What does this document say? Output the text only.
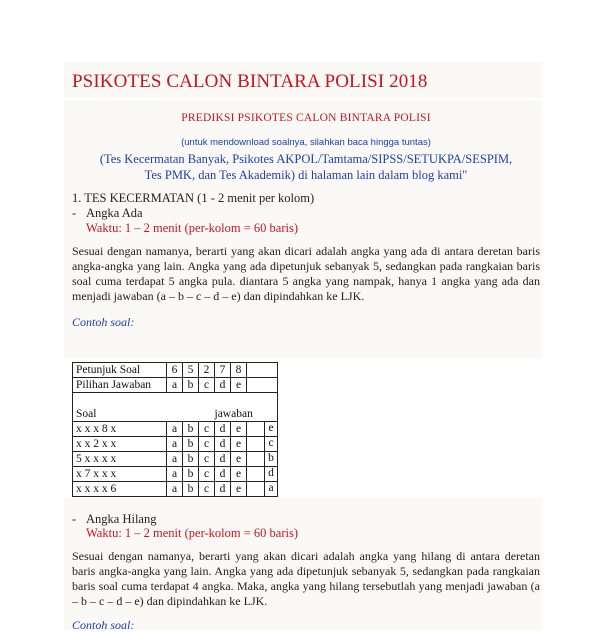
PSIKOTES CALON BINTARA POLISI 2018
PREDIKSI PSIKOTES CALON BINTARA POLISI
(untuk mendownload soalnya, silahkan baca hingga tuntas)
(Tes Kecermatan Banyak, Psikotes AKPOL/Tamtama/SIPSS/SETUKPA/SESPIM,
Tes PMK, dan Tes Akademik) di halaman lain dalam blog kami"
1. TES KECERMATAN (1 - 2 menit per kolom)
- Angka Ada
Waktu: 1 – 2 menit (per-kolom = 60 baris)
Sesuai dengan namanya, berarti yang akan dicari adalah angka yang ada di antara deretan baris angka-angka yang lain. Angka yang ada dipetunjuk sebanyak 5, sedangkan pada rangkaian baris soal cuma terdapat 5 angka pula. diantara 5 angka yang nampak, hanya 1 angka yang ada dan menjadi jawaban (a – b – c – d – e) dan dipindahkan ke LJK.
Contoh soal:
Petunjuk Soal	6	5	2	7	8	
Pilihan Jawaban	a	b	c	d	e	
Soal						jawaban
x x x 8 x	a	b	c	d	e	e

x x 2 x x	a	b	c	d	e	c

5 x x x x	a	b	c	d	e	b

x 7 x x x	a	b	c	d	e	d

x x x x 6	a	b	c	d	e	a
- Angka Hilang
Waktu: 1 – 2 menit (per-kolom = 60 baris)
Sesuai dengan namanya, berarti yang akan dicari adalah angka yang hilang di antara deretan baris angka-angka yang lain. Angka yang ada dipetunjuk sebanyak 5, sedangkan pada rangkaian baris soal cuma terdapat 4 angka. Maka, angka yang hilang tersebutlah yang menjadi jawaban (a – b – c – d – e) dan dipindahkan ke LJK.
Contoh soal:
